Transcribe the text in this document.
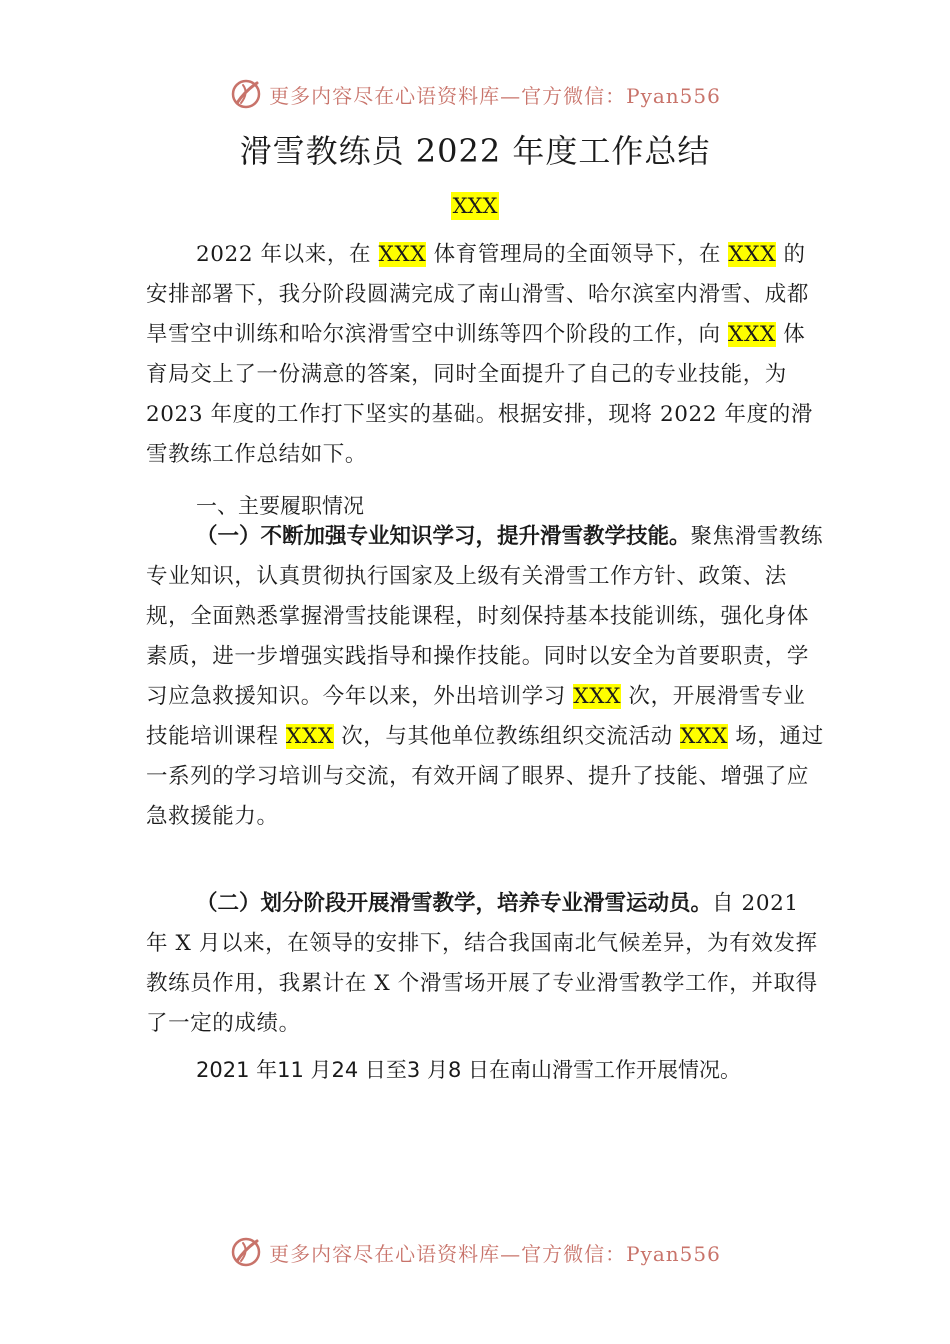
更多内容尽在心语资料库—官方微信：Pyan556
滑雪教练员 2022 年度工作总结
XXX
2022 年以来，在 XXX 体育管理局的全面领导下，在 XXX 的安排部署下，我分阶段圆满完成了南山滑雪、哈尔滨室内滑雪、成都旱雪空中训练和哈尔滨滑雪空中训练等四个阶段的工作，向 XXX 体育局交上了一份满意的答案，同时全面提升了自己的专业技能，为 2023 年度的工作打下坚实的基础。根据安排，现将 2022 年度的滑雪教练工作总结如下。
一、主要履职情况
（一）不断加强专业知识学习，提升滑雪教学技能。聚焦滑雪教练专业知识，认真贯彻执行国家及上级有关滑雪工作方针、政策、法规，全面熟悉掌握滑雪技能课程，时刻保持基本技能训练，强化身体素质，进一步增强实践指导和操作技能。同时以安全为首要职责，学习应急救援知识。今年以来，外出培训学习 XXX 次，开展滑雪专业技能培训课程 XXX 次，与其他单位教练组织交流活动 XXX 场，通过一系列的学习培训与交流，有效开阔了眼界、提升了技能、增强了应急救援能力。
（二）划分阶段开展滑雪教学，培养专业滑雪运动员。自 2021 年 X 月以来，在领导的安排下，结合我国南北气候差异，为有效发挥教练员作用，我累计在 X 个滑雪场开展了专业滑雪教学工作，并取得了一定的成绩。
2021 年11 月24 日至3 月8 日在南山滑雪工作开展情况。
更多内容尽在心语资料库—官方微信：Pyan556
